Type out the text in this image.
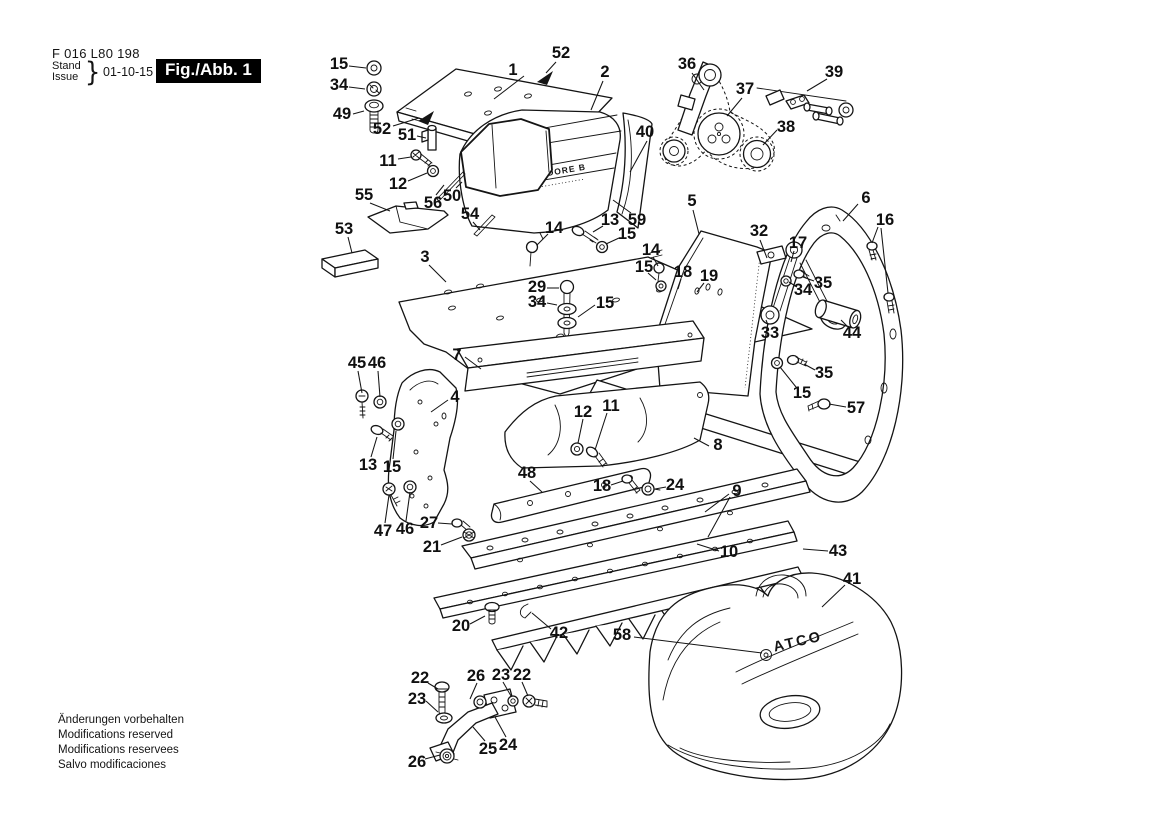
F 016 L80 198
Stand
Issue } 01-10-15 Fig./Abb. 1
B
ATCO
1
52
2
40
36
37
38
39
15
34
49
52 51
11
12
55	56 50
54
53
3
13 59
15
14
29
34	15
14
15 18 19
5
32
17
6
16
34 35
33	44
35
15
57
7
45 46
4
12 11
13 15
8
48
18	24	9
10	43
47 46 27
21
20	42	58
41
22
23
26 23 22
25 24
26
Änderungen vorbehalten
Modifications reserved
Modifications reservees
Salvo modificaciones
